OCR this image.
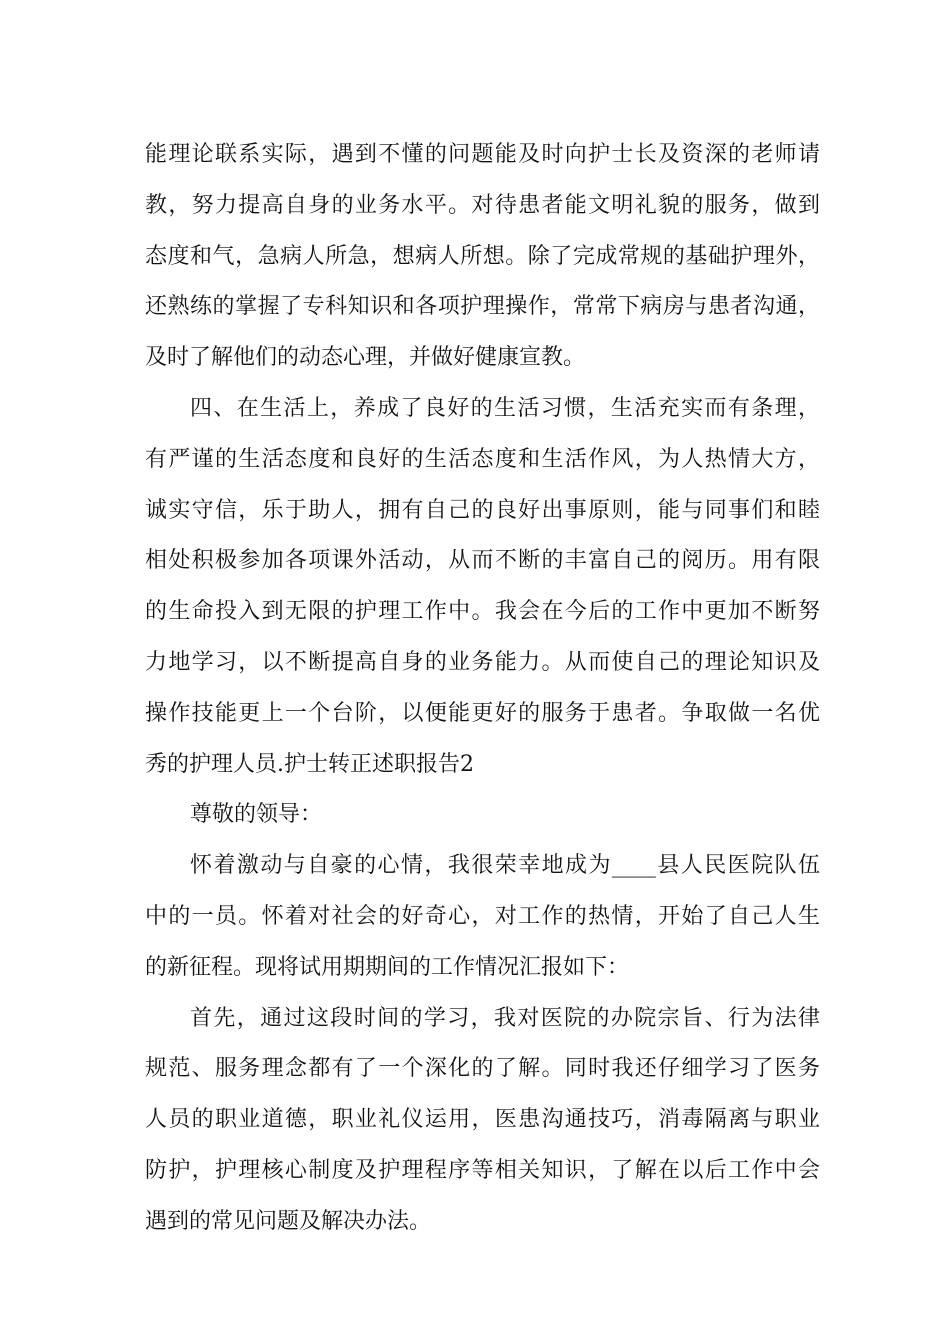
能理论联系实际，遇到不懂的问题能及时向护士长及资深的老师请
教，努力提高自身的业务水平。对待患者能文明礼貌的服务，做到
态度和气，急病人所急，想病人所想。除了完成常规的基础护理外，
还熟练的掌握了专科知识和各项护理操作，常常下病房与患者沟通，
及时了解他们的动态心理，并做好健康宣教。
四、在生活上，养成了良好的生活习惯，生活充实而有条理，
有严谨的生活态度和良好的生活态度和生活作风，为人热情大方，
诚实守信，乐于助人，拥有自己的良好出事原则，能与同事们和睦
相处积极参加各项课外活动，从而不断的丰富自己的阅历。用有限
的生命投入到无限的护理工作中。我会在今后的工作中更加不断努
力地学习，以不断提高自身的业务能力。从而使自己的理论知识及
操作技能更上一个台阶，以便能更好的服务于患者。争取做一名优
秀的护理人员.护士转正述职报告2
尊敬的领导：
怀着激动与自豪的心情，我很荣幸地成为____县人民医院队伍
中的一员。怀着对社会的好奇心，对工作的热情，开始了自己人生
的新征程。现将试用期期间的工作情况汇报如下：
首先，通过这段时间的学习，我对医院的办院宗旨、行为法律
规范、服务理念都有了一个深化的了解。同时我还仔细学习了医务
人员的职业道德，职业礼仪运用，医患沟通技巧，消毒隔离与职业
防护，护理核心制度及护理程序等相关知识，了解在以后工作中会
遇到的常见问题及解决办法。
